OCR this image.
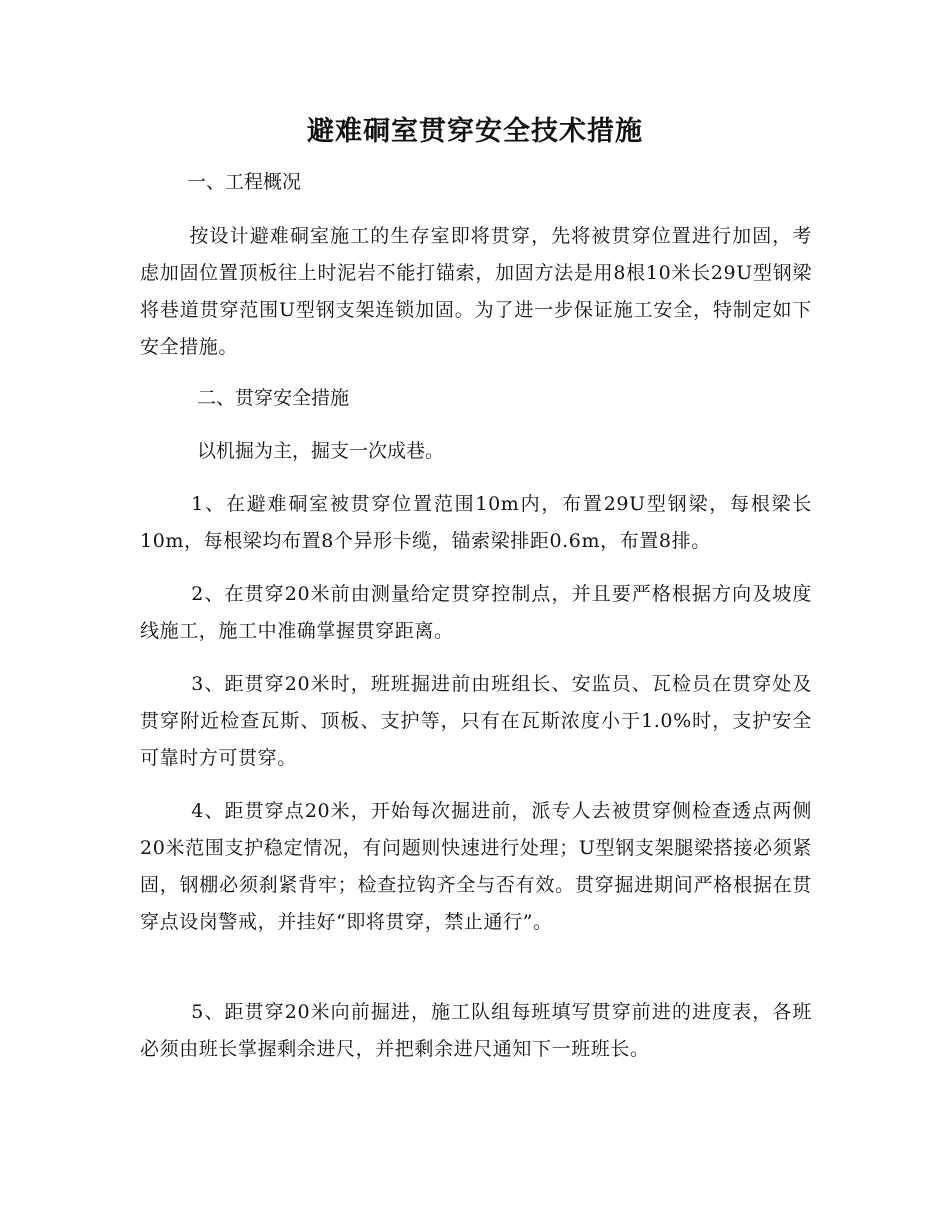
避难硐室贯穿安全技术措施
一、工程概况

按设计避难硐室施工的生存室即将贯穿，先将被贯穿位置进行加固，考虑加固位置顶板往上时泥岩不能打锚索，加固方法是用8根10米长29U型钢梁将巷道贯穿范围U型钢支架连锁加固。为了进一步保证施工安全，特制定如下安全措施。

二、贯穿安全措施
以机掘为主，掘支一次成巷。

1、在避难硐室被贯穿位置范围10m内，布置29U型钢梁，每根梁长10m，每根梁均布置8个异形卡缆，锚索梁排距0.6m，布置8排。

2、在贯穿20米前由测量给定贯穿控制点，并且要严格根据方向及坡度线施工，施工中准确掌握贯穿距离。

3、距贯穿20米时，班班掘进前由班组长、安监员、瓦检员在贯穿处及贯穿附近检查瓦斯、顶板、支护等，只有在瓦斯浓度小于1.0%时，支护安全可靠时方可贯穿。

4、距贯穿点20米，开始每次掘进前，派专人去被贯穿侧检查透点两侧20米范围支护稳定情况，有问题则快速进行处理；U型钢支架腿梁搭接必须紧固，钢棚必须刹紧背牢；检查拉钩齐全与否有效。贯穿掘进期间严格根据在贯穿点设岗警戒，并挂好“即将贯穿，禁止通行”。

5、距贯穿20米向前掘进，施工队组每班填写贯穿前进的进度表，各班必须由班长掌握剩余进尺，并把剩余进尺通知下一班班长。
